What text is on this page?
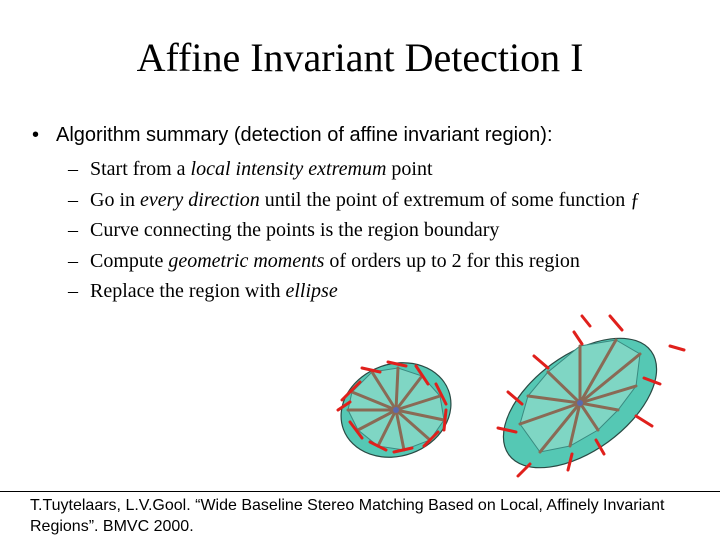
Affine Invariant Detection I
• Algorithm summary (detection of affine invariant region):
– Start from a local intensity extremum point
– Go in every direction until the point of extremum of some function ƒ
– Curve connecting the points is the region boundary
– Compute geometric moments of orders up to 2 for this region
– Replace the region with ellipse
T.Tuytelaars, L.V.Gool. “Wide Baseline Stereo Matching Based on Local, Affinely Invariant Regions”. BMVC 2000.
